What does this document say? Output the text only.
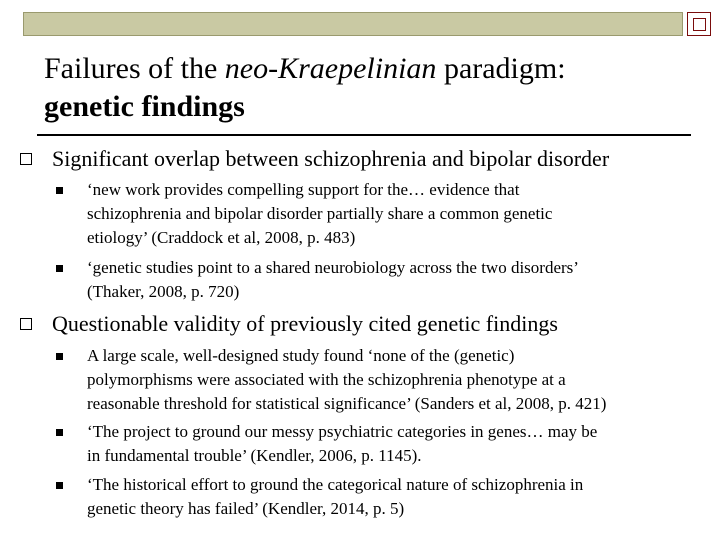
Failures of the neo-Kraepelinian paradigm:
genetic findings
Significant overlap between schizophrenia and bipolar disorder
‘new work provides compelling support for the… evidence that
schizophrenia and bipolar disorder partially share a common genetic
etiology’ (Craddock et al, 2008, p. 483)
‘genetic studies point to a shared neurobiology across the two disorders’
(Thaker, 2008, p. 720)
Questionable validity of previously cited genetic findings
A large scale, well-designed study found ‘none of the (genetic)
polymorphisms were associated with the schizophrenia phenotype at a
reasonable threshold for statistical significance’ (Sanders et al, 2008, p. 421)
‘The project to ground our messy psychiatric categories in genes… may be
in fundamental trouble’ (Kendler, 2006, p. 1145).
‘The historical effort to ground the categorical nature of schizophrenia in
genetic theory has failed’ (Kendler, 2014, p. 5)
